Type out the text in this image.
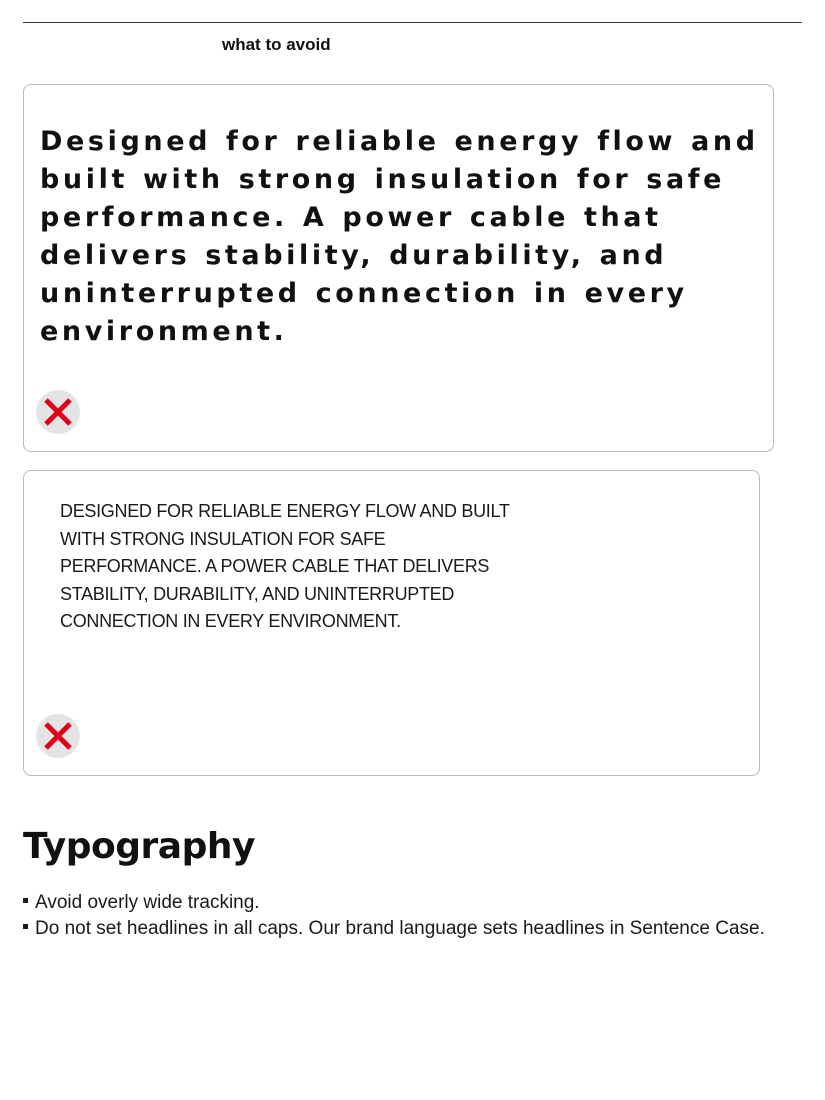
what to avoid

Designed for reliable energy flow and built with strong insulation for safe performance. A power cable that delivers stability, durability, and uninterrupted connection in every environment.

DESIGNED FOR RELIABLE ENERGY FLOW AND BUILT WITH STRONG INSULATION FOR SAFE PERFORMANCE. A POWER CABLE THAT DELIVERS STABILITY, DURABILITY, AND UNINTERRUPTED CONNECTION IN EVERY ENVIRONMENT.

Typography
Avoid overly wide tracking.
Do not set headlines in all caps. Our brand language sets headlines in Sentence Case.
